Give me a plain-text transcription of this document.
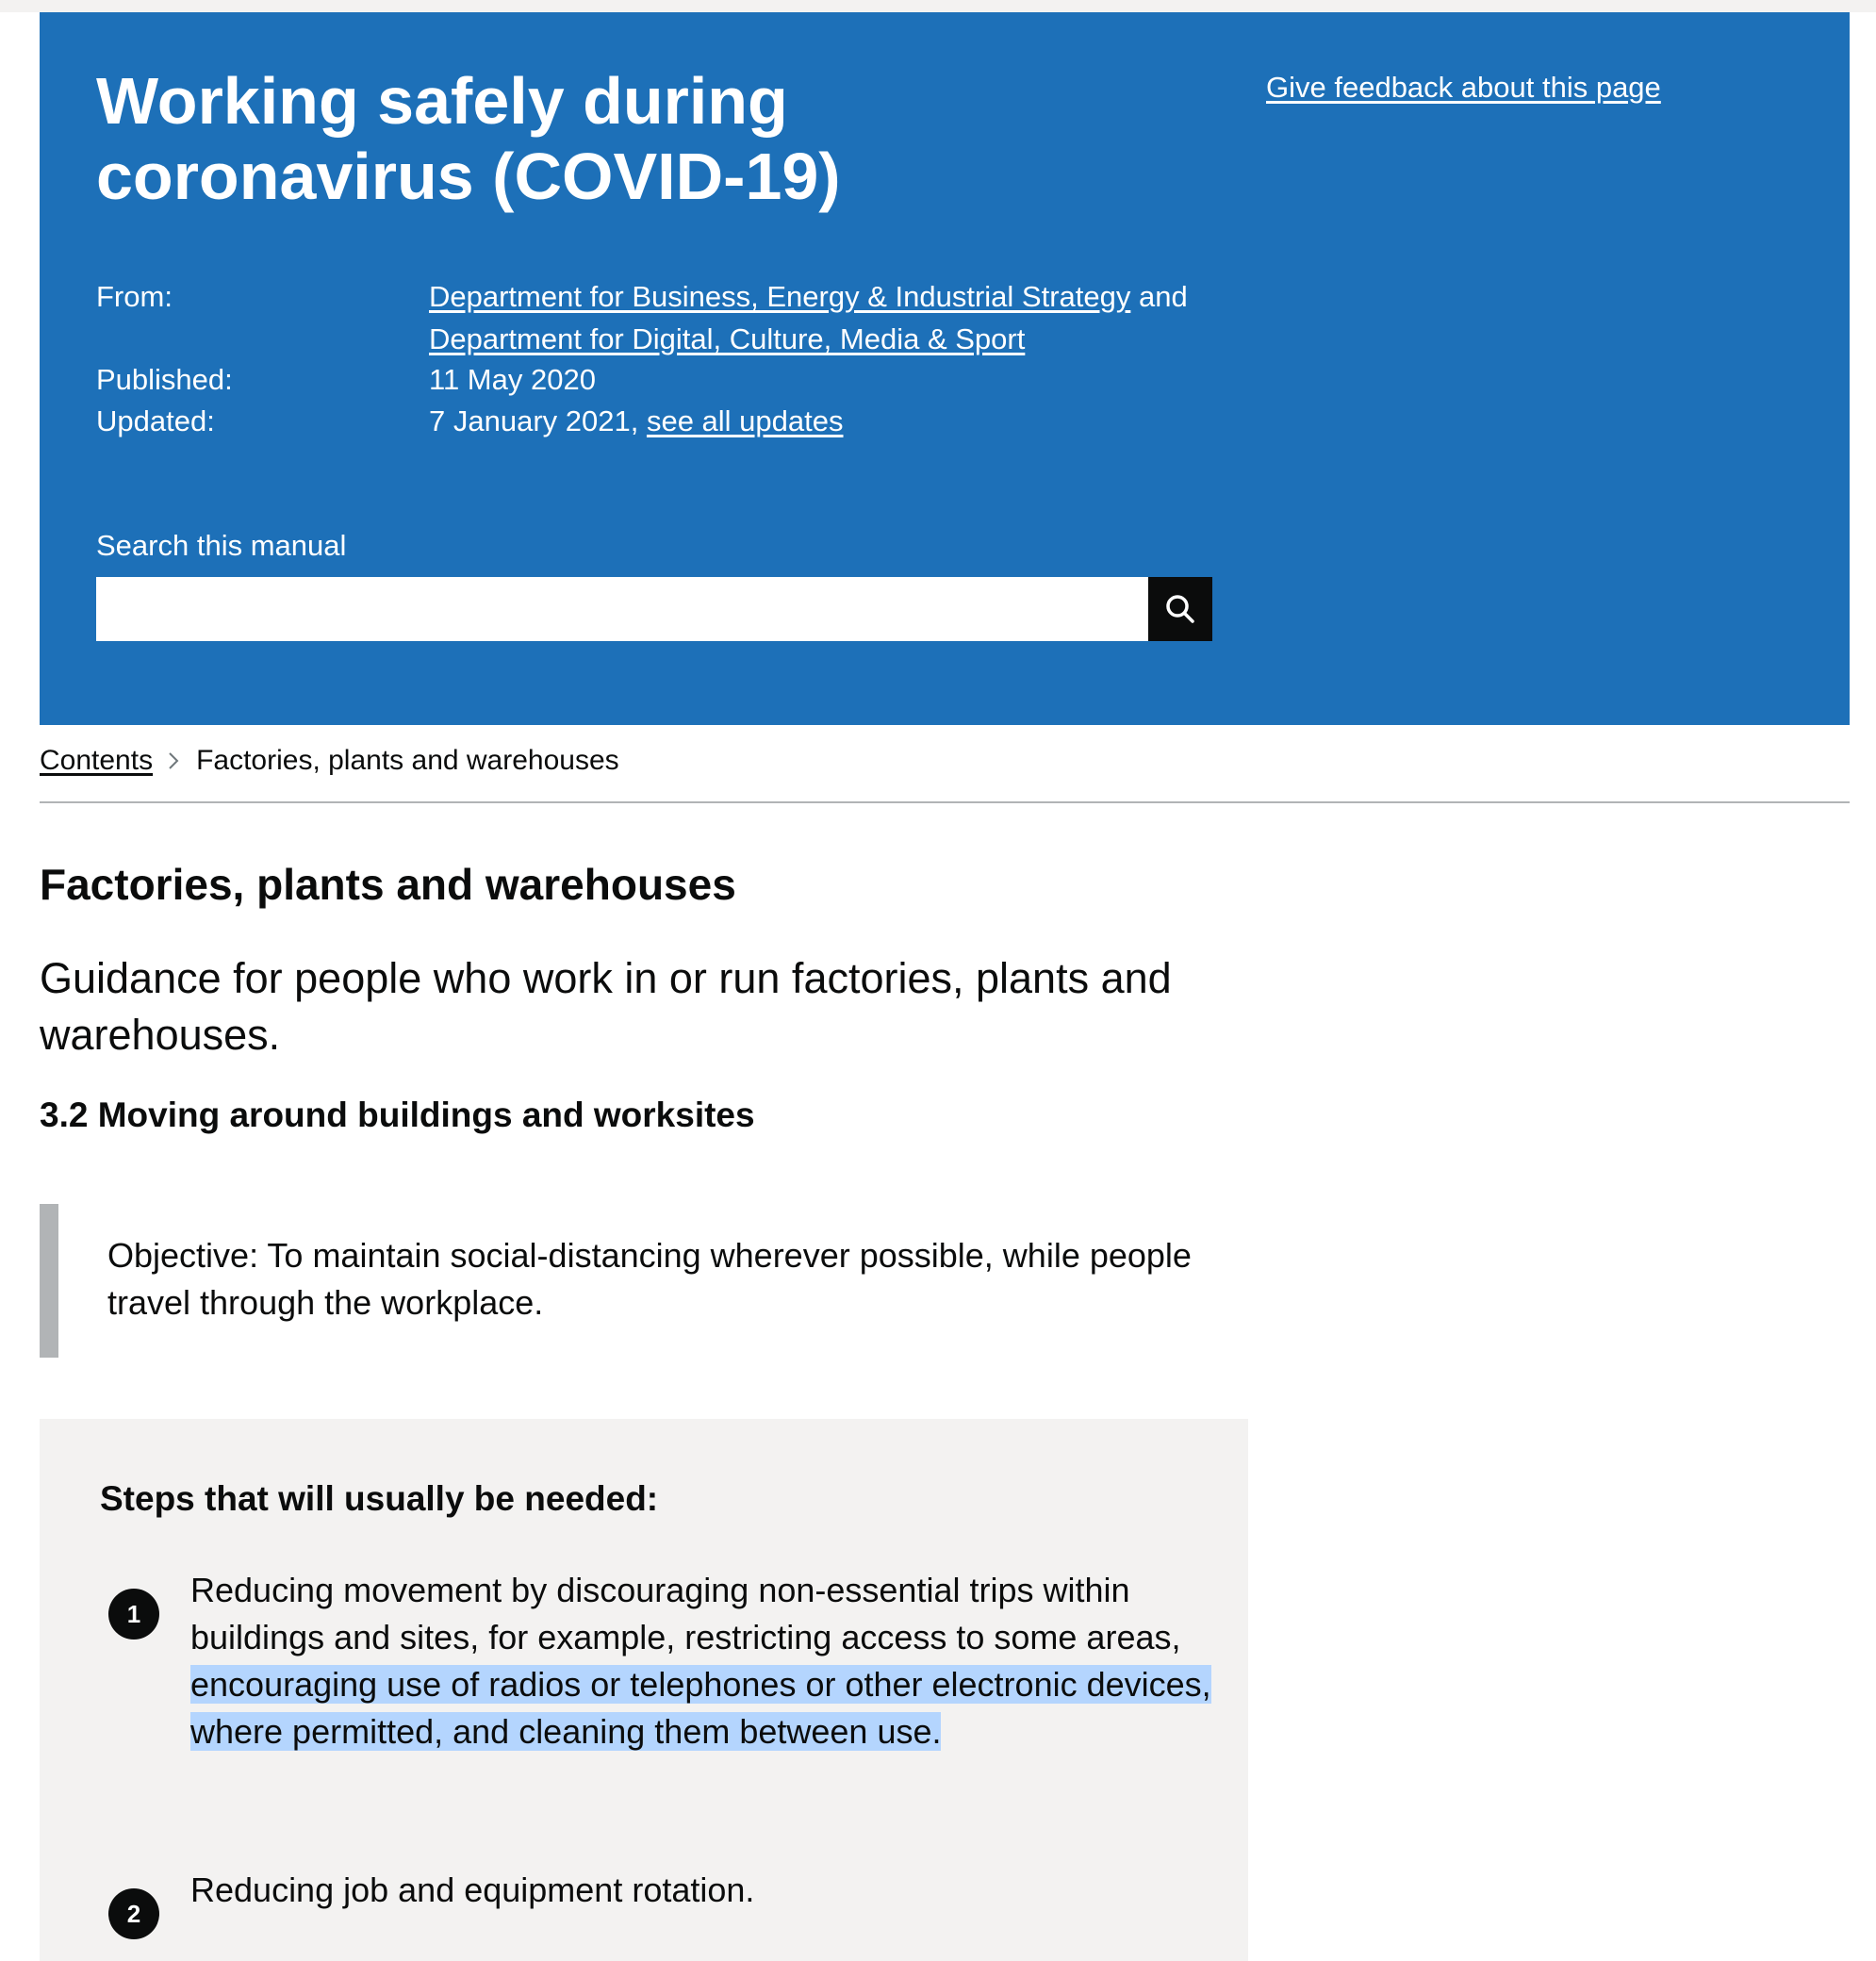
Working safely during coronavirus (COVID-19)
Give feedback about this page
From:	Department for Business, Energy & Industrial Strategy and
Department for Digital, Culture, Media & Sport
Published:	11 May 2020
Updated:	7 January 2021, see all updates
Search this manual
Contents Factories, plants and warehouses
Factories, plants and warehouses

Guidance for people who work in or run factories, plants and warehouses.

3.2 Moving around buildings and worksites

Objective: To maintain social-distancing wherever possible, while people travel through the workplace.

Steps that will usually be needed:
1

Reducing movement by discouraging non-essential trips within buildings and sites, for example, restricting access to some areas, encouraging use of radios or telephones or other electronic devices, where permitted, and cleaning them between use.

2

Reducing job and equipment rotation.
